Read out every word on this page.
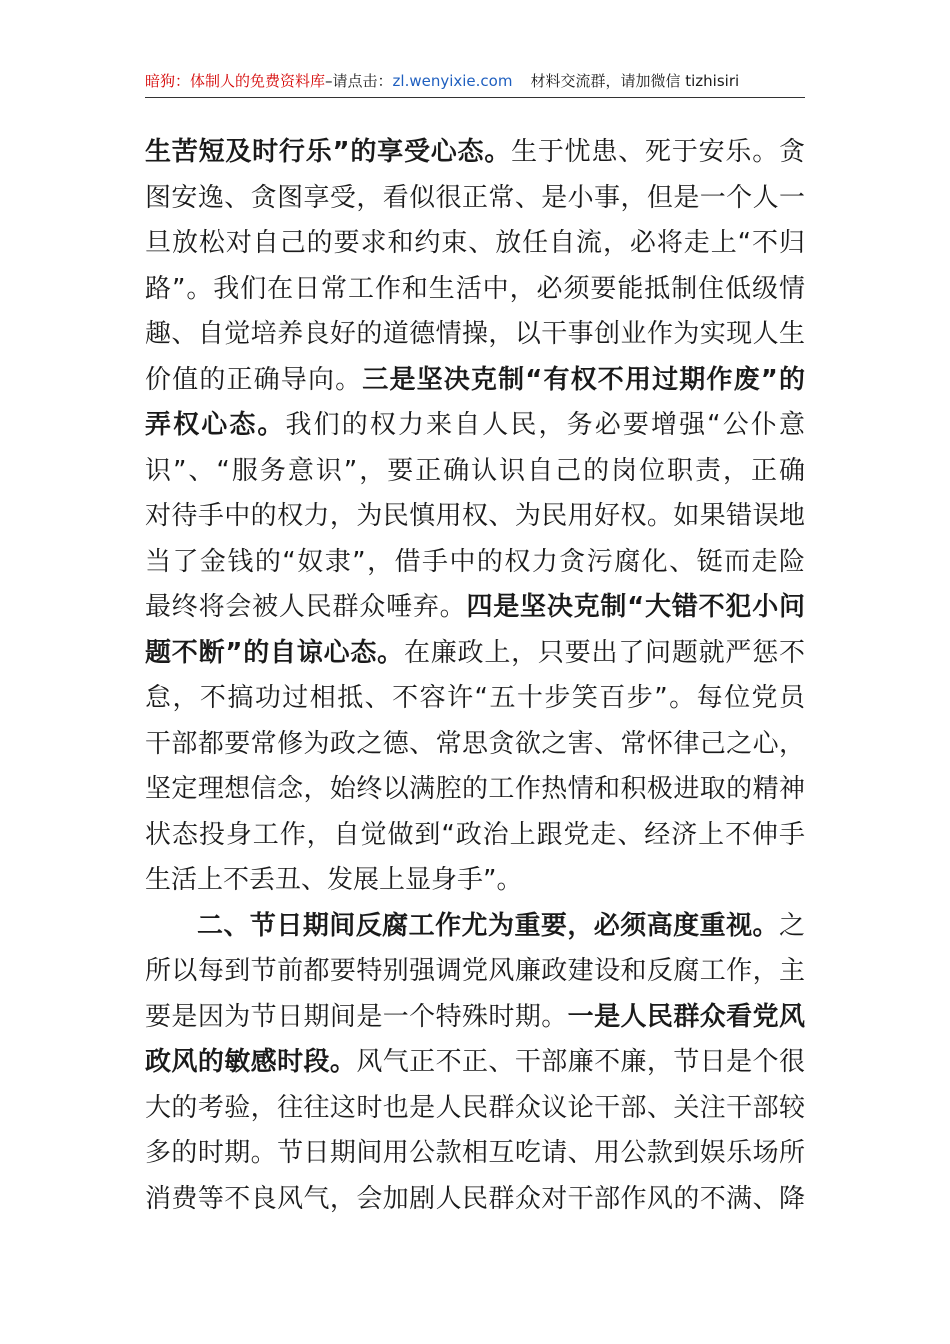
暗狗：体制人的免费资料库 –请点击： zl.wenyixie.com 材料交流群，请加微信 tizhisiri
生苦短及时行乐”的享受心态。生于忧患、死于安乐。贪
图安逸、贪图享受，看似很正常、是小事，但是一个人一
旦放松对自己的要求和约束、放任自流，必将走上“不归
路”。我们在日常工作和生活中，必须要能抵制住低级情
趣、自觉培养良好的道德情操，以干事创业作为实现人生
价值的正确导向。三是坚决克制“有权不用过期作废”的
弄权心态。我们的权力来自人民，务必要增强“公仆意
识”、“服务意识”，要正确认识自己的岗位职责，正确
对待手中的权力，为民慎用权、为民用好权。如果错误地
当了金钱的“奴隶”，借手中的权力贪污腐化、铤而走险
最终将会被人民群众唾弃。四是坚决克制“大错不犯小问
题不断”的自谅心态。在廉政上，只要出了问题就严惩不
怠，不搞功过相抵、不容许“五十步笑百步”。每位党员
干部都要常修为政之德、常思贪欲之害、常怀律己之心，
坚定理想信念，始终以满腔的工作热情和积极进取的精神
状态投身工作，自觉做到“政治上跟党走、经济上不伸手
生活上不丢丑、发展上显身手”。
二、节日期间反腐工作尤为重要，必须高度重视。之
所以每到节前都要特别强调党风廉政建设和反腐工作，主
要是因为节日期间是一个特殊时期。一是人民群众看党风
政风的敏感时段。风气正不正、干部廉不廉，节日是个很
大的考验，往往这时也是人民群众议论干部、关注干部较
多的时期。节日期间用公款相互吃请、用公款到娱乐场所
消费等不良风气，会加剧人民群众对干部作风的不满、降
